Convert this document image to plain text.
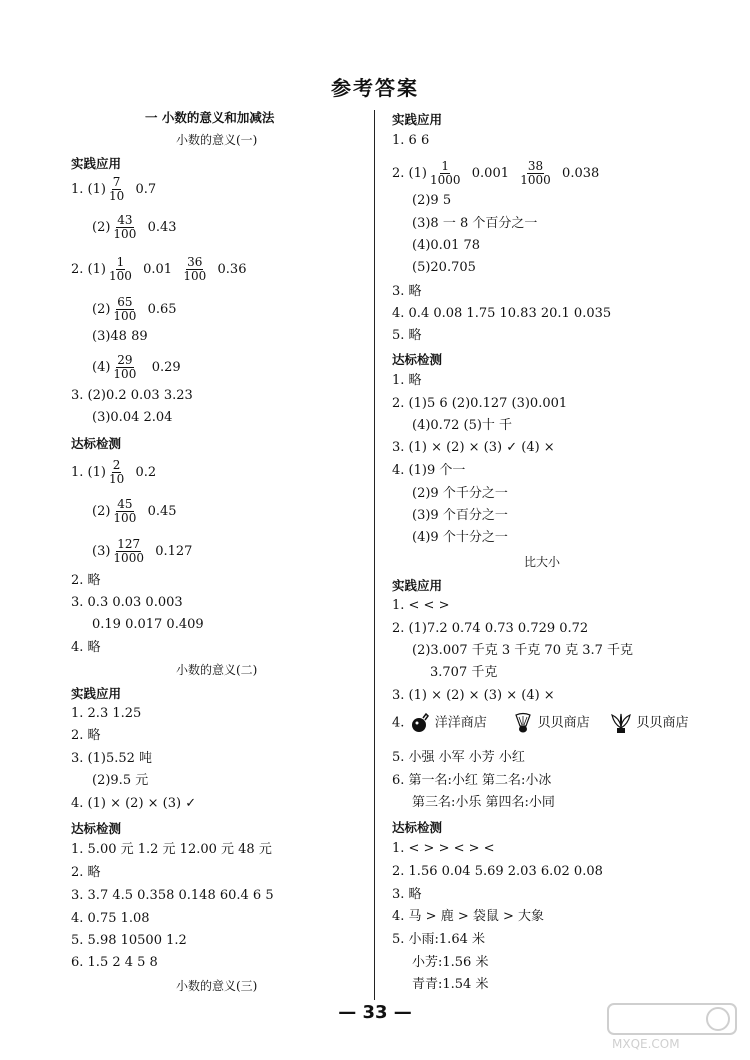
参考答案
一 小数的意义和加减法
小数的意义(一)
实践应用
1. $(1) \frac{7}{10} 0.7$
$(2) \frac{43}{100} 0.43$
2. $(1) \frac{1}{100} 0.01 \frac{36}{100} 0.36$
$(2) \frac{65}{100} 0.65$
(3)48 89
$(4) \frac{29}{100} 0.29$
3. (2)0.2 0.03 3.23
(3)0.04 2.04
达标检测
1. $(1) \frac{2}{10} 0.2$
$(2) \frac{45}{100} 0.45$
$(3) \frac{127}{1000} 0.127$
2. 略
3. 0.3 0.03 0.003
0.19 0.017 0.409
4. 略
小数的意义(二)
实践应用
1. 2.3 1.25
2. 略
3. (1)5.52 吨
(2)9.5 元
4. (1) × (2) × (3) ✓
达标检测
1. 5.00 元 1.2 元 12.00 元 48 元
2. 略
3. 3.7 4.5 0.358 0.148 60.4 6 5
4. 0.75 1.08
5. 5.98 10500 1.2
6. 1.5 2 4 5 8
小数的意义(三)
实践应用
1. 6 6
2. $(1) \frac{1}{1000} 0.001 \frac{38}{1000} 0.038$
(2)9 5
(3)8 一 8 个百分之一
(4)0.01 78
(5)20.705
3. 略
4. 0.4 0.08 1.75 10.83 20.1 0.035
5. 略
达标检测
1. 略
2. (1)5 6 (2)0.127 (3)0.001
(4)0.72 (5)十 千
3. (1) × (2) × (3) ✓ (4) ×
4. (1)9 个一
(2)9 个千分之一
(3)9 个百分之一
(4)9 个十分之一
比大小
实践应用
1. < < >
2. (1)7.2 0.74 0.73 0.729 0.72
(2)3.007 千克 3 千克 70 克 3.7 千克
3.707 千克
3. (1) × (2) × (3) × (4) ×
4. 洋洋商店	贝贝商店	贝贝商店
5. 小强 小军 小芳 小红
6. 第一名:小红 第二名:小冰
第三名:小乐 第四名:小同
达标检测
1. < > > < > <
2. 1.56 0.04 5.69 2.03 6.02 0.08
3. 略
4. 马 > 鹿 > 袋鼠 > 大象
5. 小雨:1.64 米
小芳:1.56 米
青青:1.54 米
— 33 —
MXQE.COM
